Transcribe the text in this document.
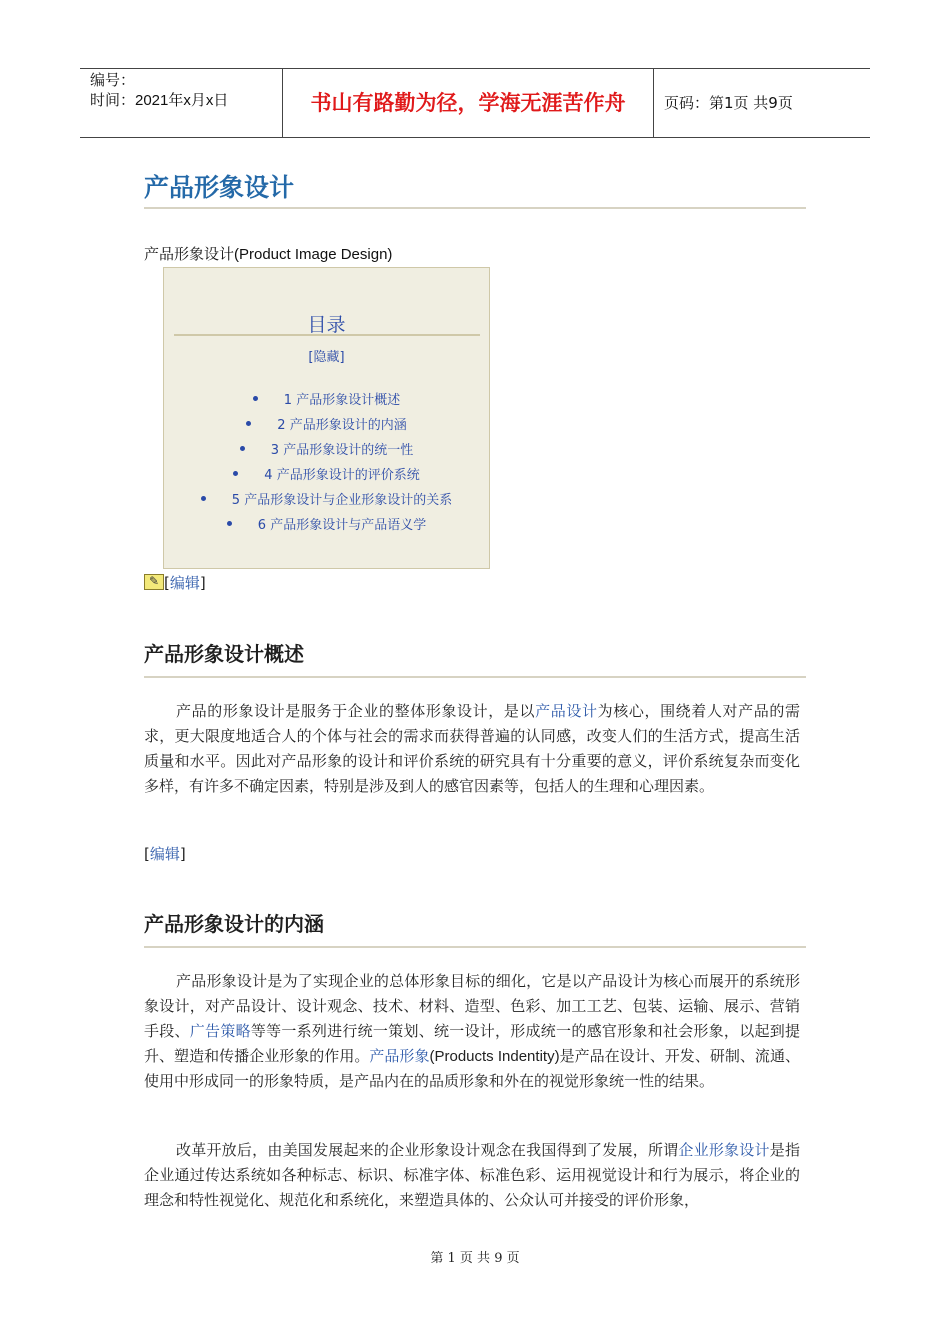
编号：
时间：2021年x月x日	书山有路勤为径，学海无涯苦作舟	页码：第1页 共9页
产品形象设计
产品形象设计(Product Image Design)
目录
[隐藏]
1 产品形象设计概述
2 产品形象设计的内涵
3 产品形象设计的统一性
4 产品形象设计的评价系统
5 产品形象设计与企业形象设计的关系
6 产品形象设计与产品语义学
✎ [编辑]
产品形象设计概述
产品的形象设计是服务于企业的整体形象设计，是以产品设计为核心，围绕着人对产品的需求，更大限度地适合人的个体与社会的需求而获得普遍的认同感，改变人们的生活方式，提高生活质量和水平。因此对产品形象的设计和评价系统的研究具有十分重要的意义，评价系统复杂而变化多样，有许多不确定因素，特别是涉及到人的感官因素等，包括人的生理和心理因素。
[编辑]
产品形象设计的内涵
产品形象设计是为了实现企业的总体形象目标的细化，它是以产品设计为核心而展开的系统形象设计，对产品设计、设计观念、技术、材料、造型、色彩、加工工艺、包装、运输、展示、营销手段、广告策略等等一系列进行统一策划、统一设计，形成统一的感官形象和社会形象，以起到提升、塑造和传播企业形象的作用。产品形象(Products Indentity)是产品在设计、开发、研制、流通、使用中形成同一的形象特质，是产品内在的品质形象和外在的视觉形象统一性的结果。
改革开放后，由美国发展起来的企业形象设计观念在我国得到了发展，所谓企业形象设计是指企业通过传达系统如各种标志、标识、标准字体、标准色彩、运用视觉设计和行为展示，将企业的理念和特性视觉化、规范化和系统化，来塑造具体的、公众认可并接受的评价形象，
第 1 页 共 9 页
